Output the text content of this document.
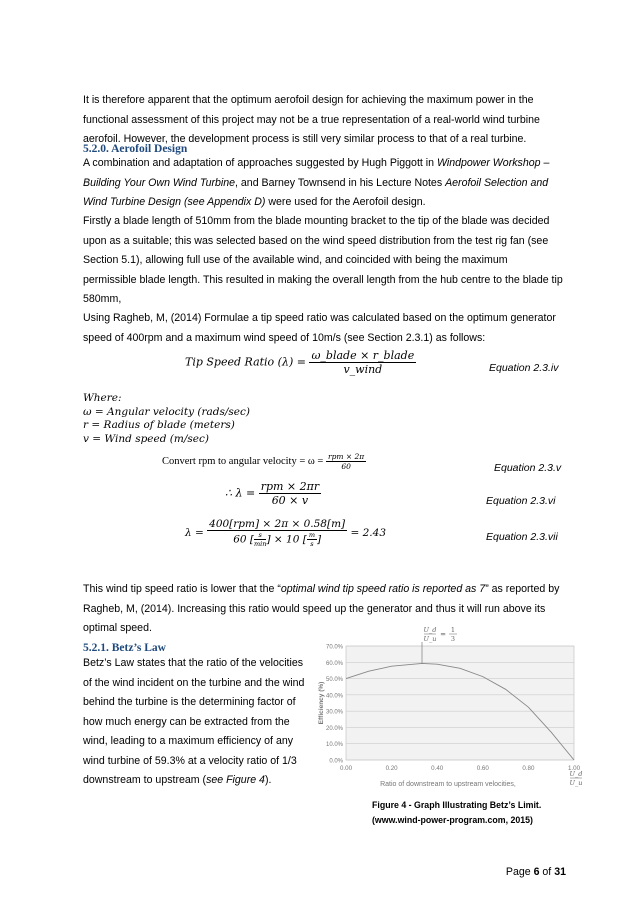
It is therefore apparent that the optimum aerofoil design for achieving the maximum power in the functional assessment of this project may not be a true representation of a real-world wind turbine aerofoil. However, the development process is still very similar process to that of a real turbine.

5.2.0. Aerofoil Design

A combination and adaptation of approaches suggested by Hugh Piggott in Windpower Workshop – Building Your Own Wind Turbine, and Barney Townsend in his Lecture Notes Aerofoil Selection and Wind Turbine Design (see Appendix D) were used for the Aerofoil design.

Firstly a blade length of 510mm from the blade mounting bracket to the tip of the blade was decided upon as a suitable; this was selected based on the wind speed distribution from the test rig fan (see Section 5.1), allowing full use of the available wind, and coincided with being the maximum permissible blade length. This resulted in making the overall length from the hub centre to the blade tip 580mm,

Using Ragheb, M, (2014) Formulae a tip speed ratio was calculated based on the optimum generator speed of 400rpm and a maximum wind speed of 10m/s (see Section 2.3.1) as follows:

Tip Speed Ratio $(\lambda) = \frac{\text{ω\_blade × r\_blade}}{\text{v\_wind}}$	Equation 2.3.iv
Where:
ω = Angular velocity (rads/sec)
r = Radius of blade (meters)
v = Wind speed (m/sec)
Convert rpm to angular velocity = $\omega = \frac{\text{rpm × 2π}}{60}$	Equation 2.3.v
∴ $\lambda = \frac{\text{rpm × 2πr}}{60 \times v}$	Equation 2.3.vi
λ = 400[rpm] × 2π × 0.58[m]
60 [ s
min ] × 10 [ $\frac{m}{s}$ ] = 2.43	Equation 2.3.vii

This wind tip speed ratio is lower that the “optimal wind tip speed ratio is reported as 7” as reported by Ragheb, M, (2014). Increasing this ratio would speed up the generator and thus it will run above its optimal speed.

5.2.1. Betz’s Law

Betz’s Law states that the ratio of the velocities of the wind incident on the turbine and the wind behind the turbine is the determining factor of how much energy can be extracted from the wind, leading to a maximum efficiency of any wind turbine of 59.3% at a velocity ratio of 1/3 downstream to upstream (see Figure 4).

0.0%
10.0%
20.0%
30.0%
40.0%
50.0%
60.0%
70.0%
0.00	0.20	0.40	0.60	0.80	1.00
U_d
U_u
=
1
3
Efficiency (%)
Ratio of downstream to upstream velocities,
U_d
U_u
Figure 4 - Graph Illustrating Betz’s Limit.
(www.wind-power-program.com, 2015)
Page 6 of 31
